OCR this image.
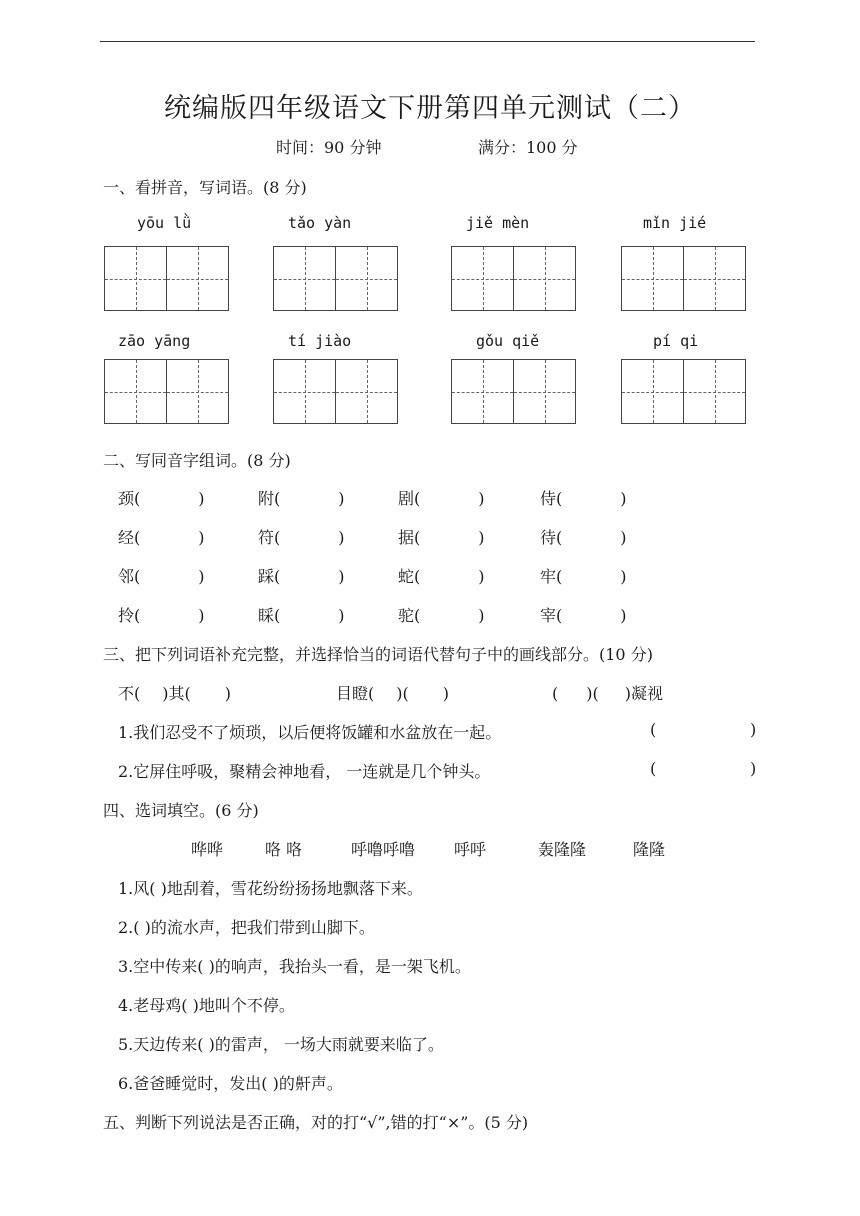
统编版四年级语文下册第四单元测试（二）
时间：90 分钟	满分：100 分
一、看拼音，写词语。(8 分)
yōu lǜ	tǎo yàn	jiě mèn	mǐn jié
zāo yāng	tí jiào	gǒu qiě	pí qi
二、写同音字组词。(8 分)
颈(	)	附(	)	剧(	)	侍(	)
经(	)	符(	)	据(	)	待(	)
邻(	)	踩(	)	蛇(	)	牢(	)
拎(	)	睬(	)	驼(	)	宰(	)
三、把下列词语补充完整，并选择恰当的词语代替句子中的画线部分。(10 分)
不( )其( )	目瞪( )( )	( )( )凝视
1.我们忍受不了烦琐，以后便将饭罐和水盆放在一起。	(	)
2.它屏住呼吸，聚精会神地看， 一连就是几个钟头。	(	)
四、选词填空。(6 分)
哗哗	咯 咯	呼噜呼噜 呼呼	轰隆隆	隆隆
1.风( )地刮着，雪花纷纷扬扬地飘落下来。
2.( )的流水声，把我们带到山脚下。
3.空中传来( )的响声，我抬头一看，是一架飞机。
4.老母鸡( )地叫个不停。
5.天边传来( )的雷声， 一场大雨就要来临了。
6.爸爸睡觉时，发出( )的鼾声。
五、判断下列说法是否正确，对的打“√”,错的打“×”。(5 分)
